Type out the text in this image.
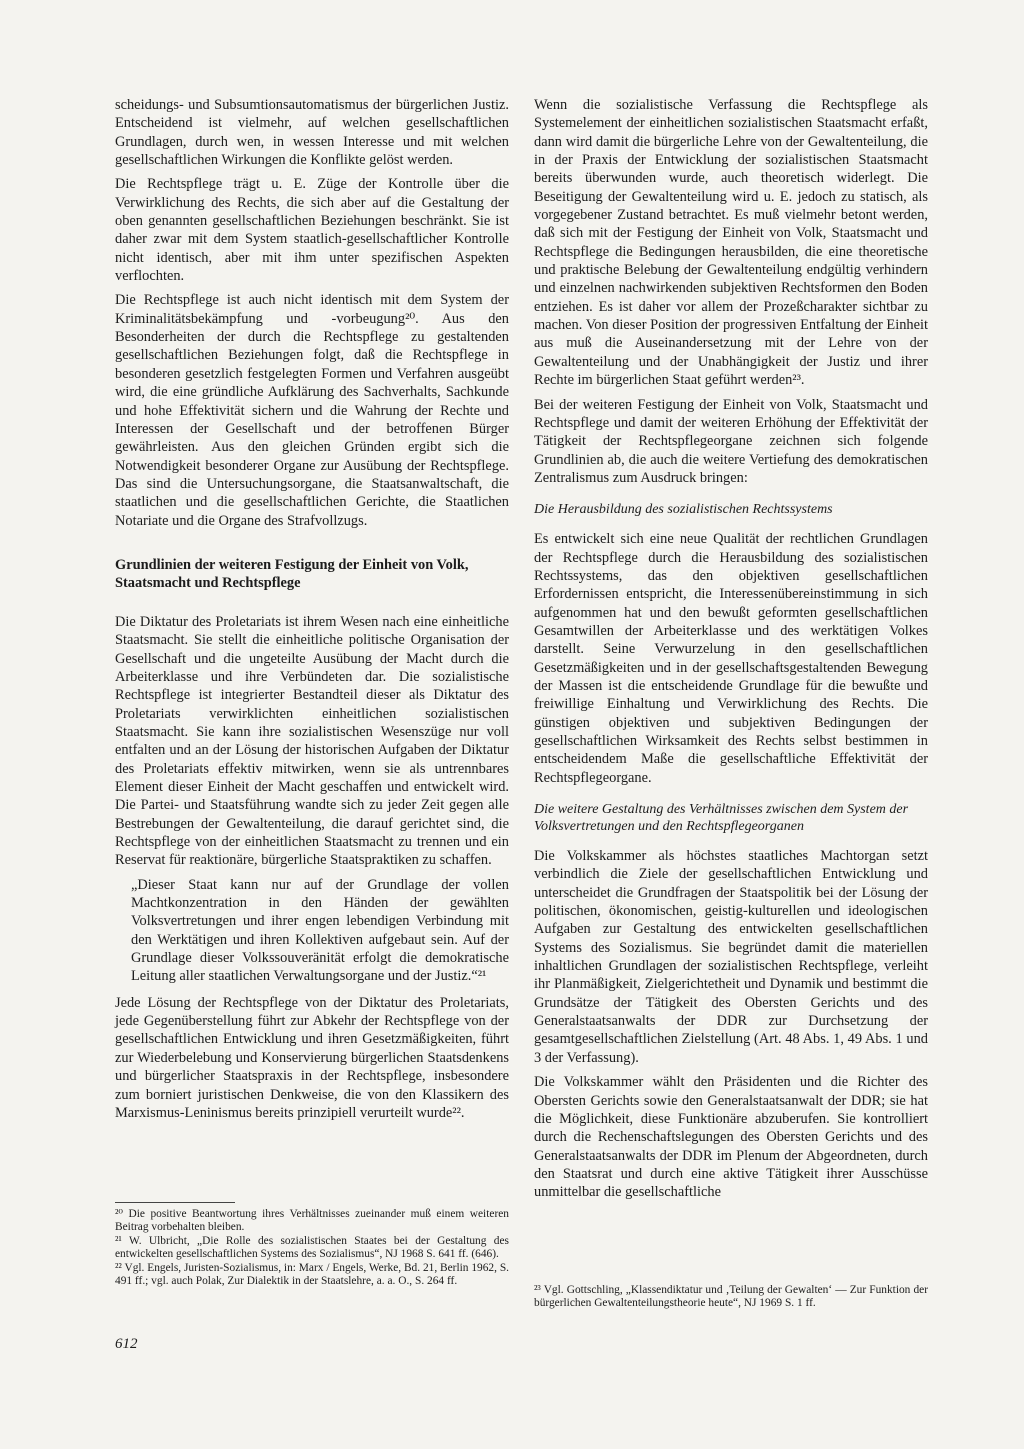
scheidungs- und Subsumtionsautomatismus der bürgerlichen Justiz. Entscheidend ist vielmehr, auf welchen gesellschaftlichen Grundlagen, durch wen, in wessen Interesse und mit welchen gesellschaftlichen Wirkungen die Konflikte gelöst werden.

Die Rechtspflege trägt u. E. Züge der Kontrolle über die Verwirklichung des Rechts, die sich aber auf die Gestaltung der oben genannten gesellschaftlichen Beziehungen beschränkt. Sie ist daher zwar mit dem System staatlich-gesellschaftlicher Kontrolle nicht identisch, aber mit ihm unter spezifischen Aspekten verflochten.

Die Rechtspflege ist auch nicht identisch mit dem System der Kriminalitätsbekämpfung und -vorbeugung²⁰. Aus den Besonderheiten der durch die Rechtspflege zu gestaltenden gesellschaftlichen Beziehungen folgt, daß die Rechtspflege in besonderen gesetzlich festgelegten Formen und Verfahren ausgeübt wird, die eine gründliche Aufklärung des Sachverhalts, Sachkunde und hohe Effektivität sichern und die Wahrung der Rechte und Interessen der Gesellschaft und der betroffenen Bürger gewährleisten. Aus den gleichen Gründen ergibt sich die Notwendigkeit besonderer Organe zur Ausübung der Rechtspflege. Das sind die Untersuchungsorgane, die Staatsanwaltschaft, die staatlichen und die gesellschaftlichen Gerichte, die Staatlichen Notariate und die Organe des Strafvollzugs.

Grundlinien der weiteren Festigung der Einheit von Volk, Staatsmacht und Rechtspflege

Die Diktatur des Proletariats ist ihrem Wesen nach eine einheitliche Staatsmacht. Sie stellt die einheitliche politische Organisation der Gesellschaft und die ungeteilte Ausübung der Macht durch die Arbeiterklasse und ihre Verbündeten dar. Die sozialistische Rechtspflege ist integrierter Bestandteil dieser als Diktatur des Proletariats verwirklichten einheitlichen sozialistischen Staatsmacht. Sie kann ihre sozialistischen Wesenszüge nur voll entfalten und an der Lösung der historischen Aufgaben der Diktatur des Proletariats effektiv mitwirken, wenn sie als untrennbares Element dieser Einheit der Macht geschaffen und entwickelt wird. Die Partei- und Staatsführung wandte sich zu jeder Zeit gegen alle Bestrebungen der Gewaltenteilung, die darauf gerichtet sind, die Rechtspflege von der einheitlichen Staatsmacht zu trennen und ein Reservat für reaktionäre, bürgerliche Staatspraktiken zu schaffen.

„Dieser Staat kann nur auf der Grundlage der vollen Machtkonzentration in den Händen der gewählten Volksvertretungen und ihrer engen lebendigen Verbindung mit den Werktätigen und ihren Kollektiven aufgebaut sein. Auf der Grundlage dieser Volkssouveränität erfolgt die demokratische Leitung aller staatlichen Verwaltungsorgane und der Justiz.“²¹

Jede Lösung der Rechtspflege von der Diktatur des Proletariats, jede Gegenüberstellung führt zur Abkehr der Rechtspflege von der gesellschaftlichen Entwicklung und ihren Gesetzmäßigkeiten, führt zur Wiederbelebung und Konservierung bürgerlichen Staatsdenkens und bürgerlicher Staatspraxis in der Rechtspflege, insbesondere zum borniert juristischen Denkweise, die von den Klassikern des Marxismus-Leninismus bereits prinzipiell verurteilt wurde²².

²⁰ Die positive Beantwortung ihres Verhältnisses zueinander muß einem weiteren Beitrag vorbehalten bleiben.

²¹ W. Ulbricht, „Die Rolle des sozialistischen Staates bei der Gestaltung des entwickelten gesellschaftlichen Systems des Sozialismus“, NJ 1968 S. 641 ff. (646).

²² Vgl. Engels, Juristen-Sozialismus, in: Marx / Engels, Werke, Bd. 21, Berlin 1962, S. 491 ff.; vgl. auch Polak, Zur Dialektik in der Staatslehre, a. a. O., S. 264 ff.

Wenn die sozialistische Verfassung die Rechtspflege als Systemelement der einheitlichen sozialistischen Staatsmacht erfaßt, dann wird damit die bürgerliche Lehre von der Gewaltenteilung, die in der Praxis der Entwicklung der sozialistischen Staatsmacht bereits überwunden wurde, auch theoretisch widerlegt. Die Beseitigung der Gewaltenteilung wird u. E. jedoch zu statisch, als vorgegebener Zustand betrachtet. Es muß vielmehr betont werden, daß sich mit der Festigung der Einheit von Volk, Staatsmacht und Rechtspflege die Bedingungen herausbilden, die eine theoretische und praktische Belebung der Gewaltenteilung endgültig verhindern und einzelnen nachwirkenden subjektiven Rechtsformen den Boden entziehen. Es ist daher vor allem der Prozeßcharakter sichtbar zu machen. Von dieser Position der progressiven Entfaltung der Einheit aus muß die Auseinandersetzung mit der Lehre von der Gewaltenteilung und der Unabhängigkeit der Justiz und ihrer Rechte im bürgerlichen Staat geführt werden²³.

Bei der weiteren Festigung der Einheit von Volk, Staatsmacht und Rechtspflege und damit der weiteren Erhöhung der Effektivität der Tätigkeit der Rechtspflegeorgane zeichnen sich folgende Grundlinien ab, die auch die weitere Vertiefung des demokratischen Zentralismus zum Ausdruck bringen:

Die Herausbildung des sozialistischen Rechtssystems

Es entwickelt sich eine neue Qualität der rechtlichen Grundlagen der Rechtspflege durch die Herausbildung des sozialistischen Rechtssystems, das den objektiven gesellschaftlichen Erfordernissen entspricht, die Interessenübereinstimmung in sich aufgenommen hat und den bewußt geformten gesellschaftlichen Gesamtwillen der Arbeiterklasse und des werktätigen Volkes darstellt. Seine Verwurzelung in den gesellschaftlichen Gesetzmäßigkeiten und in der gesellschaftsgestaltenden Bewegung der Massen ist die entscheidende Grundlage für die bewußte und freiwillige Einhaltung und Verwirklichung des Rechts. Die günstigen objektiven und subjektiven Bedingungen der gesellschaftlichen Wirksamkeit des Rechts selbst bestimmen in entscheidendem Maße die gesellschaftliche Effektivität der Rechtspflegeorgane.

Die weitere Gestaltung des Verhältnisses zwischen dem System der Volksvertretungen und den Rechtspflegeorganen

Die Volkskammer als höchstes staatliches Machtorgan setzt verbindlich die Ziele der gesellschaftlichen Entwicklung und unterscheidet die Grundfragen der Staatspolitik bei der Lösung der politischen, ökonomischen, geistig-kulturellen und ideologischen Aufgaben zur Gestaltung des entwickelten gesellschaftlichen Systems des Sozialismus. Sie begründet damit die materiellen inhaltlichen Grundlagen der sozialistischen Rechtspflege, verleiht ihr Planmäßigkeit, Zielgerichtetheit und Dynamik und bestimmt die Grundsätze der Tätigkeit des Obersten Gerichts und des Generalstaatsanwalts der DDR zur Durchsetzung der gesamtgesellschaftlichen Zielstellung (Art. 48 Abs. 1, 49 Abs. 1 und 3 der Verfassung).

Die Volkskammer wählt den Präsidenten und die Richter des Obersten Gerichts sowie den Generalstaatsanwalt der DDR; sie hat die Möglichkeit, diese Funktionäre abzuberufen. Sie kontrolliert durch die Rechenschaftslegungen des Obersten Gerichts und des Generalstaatsanwalts der DDR im Plenum der Abgeordneten, durch den Staatsrat und durch eine aktive Tätigkeit ihrer Ausschüsse unmittelbar die gesellschaftliche

²³ Vgl. Gottschling, „Klassendiktatur und ‚Teilung der Gewalten‘ — Zur Funktion der bürgerlichen Gewaltenteilungstheorie heute“, NJ 1969 S. 1 ff.

612
